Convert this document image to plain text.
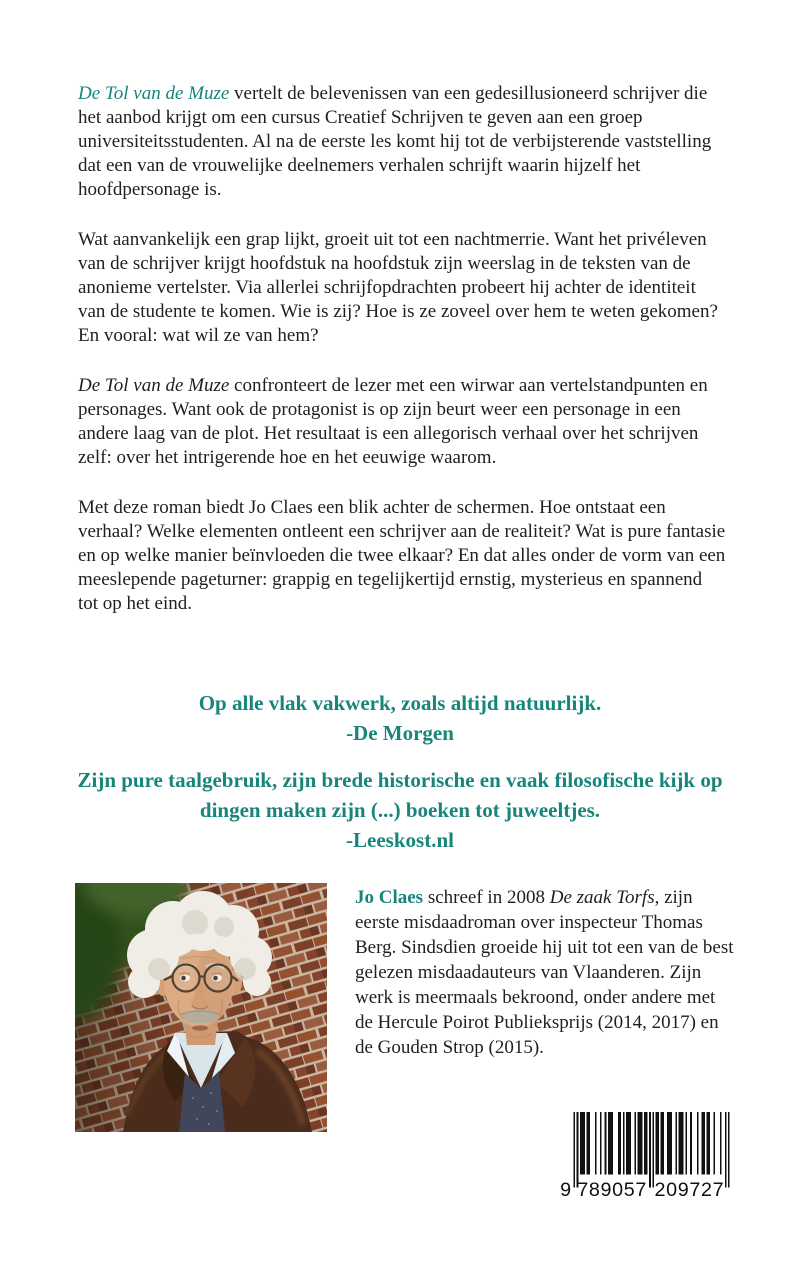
De Tol van de Muze vertelt de belevenissen van een gedesillusioneerd schrijver die het aanbod krijgt om een cursus Creatief Schrijven te geven aan een groep universiteitsstudenten. Al na de eerste les komt hij tot de verbijsterende vaststelling dat een van de vrouwelijke deelnemers verhalen schrijft waarin hijzelf het hoofdpersonage is.

Wat aanvankelijk een grap lijkt, groeit uit tot een nachtmerrie. Want het privéleven van de schrijver krijgt hoofdstuk na hoofdstuk zijn weerslag in de teksten van de anonieme vertelster. Via allerlei schrijfopdrachten probeert hij achter de identiteit van de studente te komen. Wie is zij? Hoe is ze zoveel over hem te weten gekomen? En vooral: wat wil ze van hem?

De Tol van de Muze confronteert de lezer met een wirwar aan vertelstandpunten en personages. Want ook de protagonist is op zijn beurt weer een personage in een andere laag van de plot. Het resultaat is een allegorisch verhaal over het schrijven zelf: over het intrigerende hoe en het eeuwige waarom.

Met deze roman biedt Jo Claes een blik achter de schermen. Hoe ontstaat een verhaal? Welke elementen ontleent een schrijver aan de realiteit? Wat is pure fantasie en op welke manier beïnvloeden die twee elkaar? En dat alles onder de vorm van een meeslepende pageturner: grappig en tegelijkertijd ernstig, mysterieus en spannend tot op het eind.

Op alle vlak vakwerk, zoals altijd natuurlijk.
-De Morgen
Zijn pure taalgebruik, zijn brede historische en vaak filosofische kijk op dingen maken zijn (...) boeken tot juweeltjes.
-Leeskost.nl

Jo Claes schreef in 2008 De zaak Torfs, zijn eerste misdaadroman over inspecteur Thomas Berg. Sindsdien groeide hij uit tot een van de best gelezen misdaadauteurs van Vlaanderen. Zijn werk is meermaals bekroond, onder andere met de Hercule Poirot Publieksprijs (2014, 2017) en de Gouden Strop (2015).

9 789057 209727
